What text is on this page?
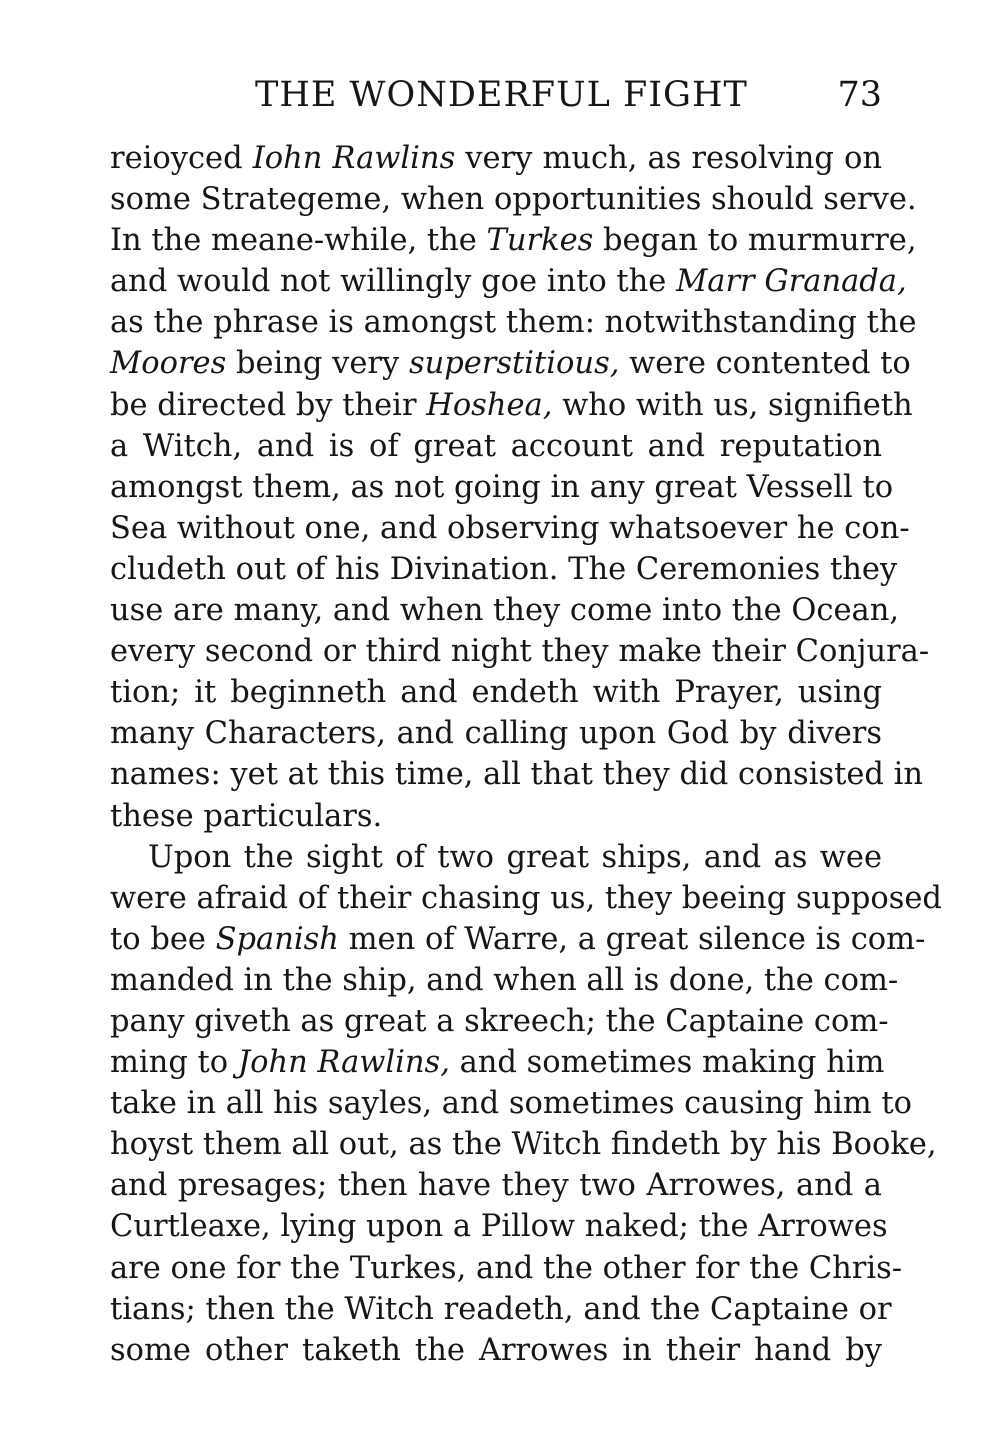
THE WONDERFUL FIGHT	73
reioyced Iohn Rawlins very much, as resolving on
some Strategeme, when opportunities should serve.
In the meane-while, the Turkes began to murmurre,
and would not willingly goe into the Marr Granada,
as the phrase is amongst them: notwithstanding the
Moores being very superstitious, were contented to
be directed by their Hoshea, who with us, signifieth
a Witch, and is of great account and reputation
amongst them, as not going in any great Vessell to
Sea without one, and observing whatsoever he con-
cludeth out of his Divination. The Ceremonies they
use are many, and when they come into the Ocean,
every second or third night they make their Conjura-
tion; it beginneth and endeth with Prayer, using
many Characters, and calling upon God by divers
names: yet at this time, all that they did consisted in
these particulars.
Upon the sight of two great ships, and as wee
were afraid of their chasing us, they beeing supposed
to bee Spanish men of Warre, a great silence is com-
manded in the ship, and when all is done, the com-
pany giveth as great a skreech; the Captaine com-
ming to John Rawlins, and sometimes making him
take in all his sayles, and sometimes causing him to
hoyst them all out, as the Witch findeth by his Booke,
and presages; then have they two Arrowes, and a
Curtleaxe, lying upon a Pillow naked; the Arrowes
are one for the Turkes, and the other for the Chris-
tians; then the Witch readeth, and the Captaine or
some other taketh the Arrowes in their hand by
